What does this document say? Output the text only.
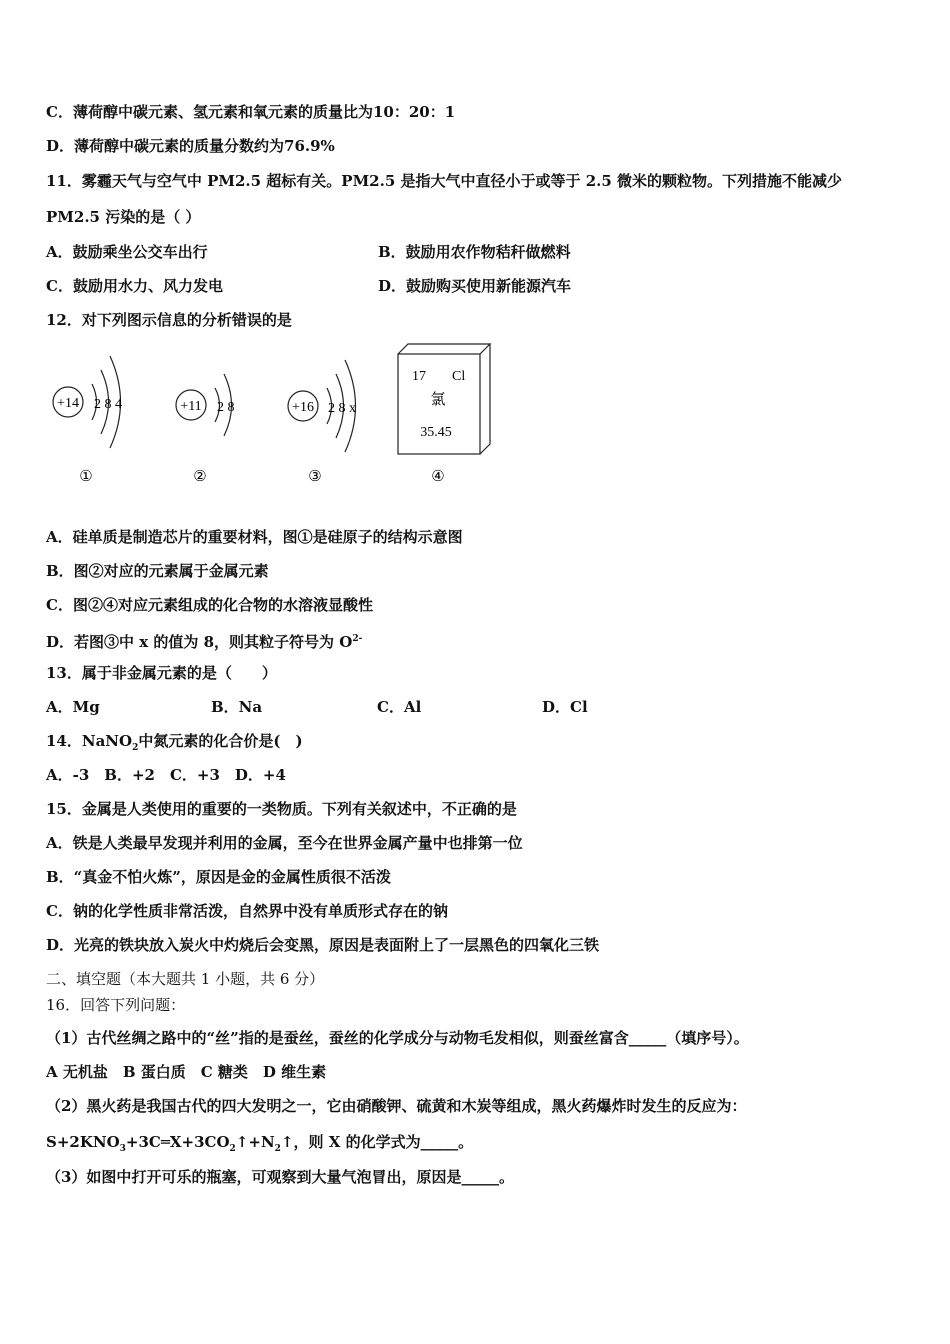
C．薄荷醇中碳元素、氢元素和氧元素的质量比为10：20：1
D．薄荷醇中碳元素的质量分数约为76.9%
11．雾霾天气与空气中 PM2.5 超标有关。PM2.5 是指大气中直径小于或等于 2.5 微米的颗粒物。下列措施不能减少
PM2.5 污染的是（ ）
A．鼓励乘坐公交车出行	B．鼓励用农作物秸秆做燃料
C．鼓励用水力、风力发电	D．鼓励购买使用新能源汽车
12．对下列图示信息的分析错误的是
+14 2 8 4
①
+11 2 8
②
+16 2 8 x
③
17 Cl
氯
35.45
④
A．硅单质是制造芯片的重要材料，图①是硅原子的结构示意图
B．图②对应的元素属于金属元素
C．图②④对应元素组成的化合物的水溶液显酸性
D．若图③中 x 的值为 8，则其粒子符号为 $O^{2-}$
13．属于非金属元素的是（　　）
A．Mg	B．Na	C．Al	D．Cl
14．NaNO$_2$中氮元素的化合价是(　)
A．-3　B．+2　C．+3　D．+4
15．金属是人类使用的重要的一类物质。下列有关叙述中，不正确的是
A．铁是人类最早发现并利用的金属，至今在世界金属产量中也排第一位
B．“真金不怕火炼”，原因是金的金属性质很不活泼
C．钠的化学性质非常活泼，自然界中没有单质形式存在的钠
D．光亮的铁块放入炭火中灼烧后会变黑，原因是表面附上了一层黑色的四氧化三铁
二、填空题（本大题共 1 小题，共 6 分）
16．回答下列问题：
（1）古代丝绸之路中的“丝”指的是蚕丝，蚕丝的化学成分与动物毛发相似，则蚕丝富含_____（填序号）。
A 无机盐　B 蛋白质　C 糖类　D 维生素
（2）黑火药是我国古代的四大发明之一，它由硝酸钾、硫黄和木炭等组成，黑火药爆炸时发生的反应为：
$S+2KNO_3+3C═X+3CO_2↑+N_2↑$，则 X 的化学式为_____。
（3）如图中打开可乐的瓶塞，可观察到大量气泡冒出，原因是_____。
